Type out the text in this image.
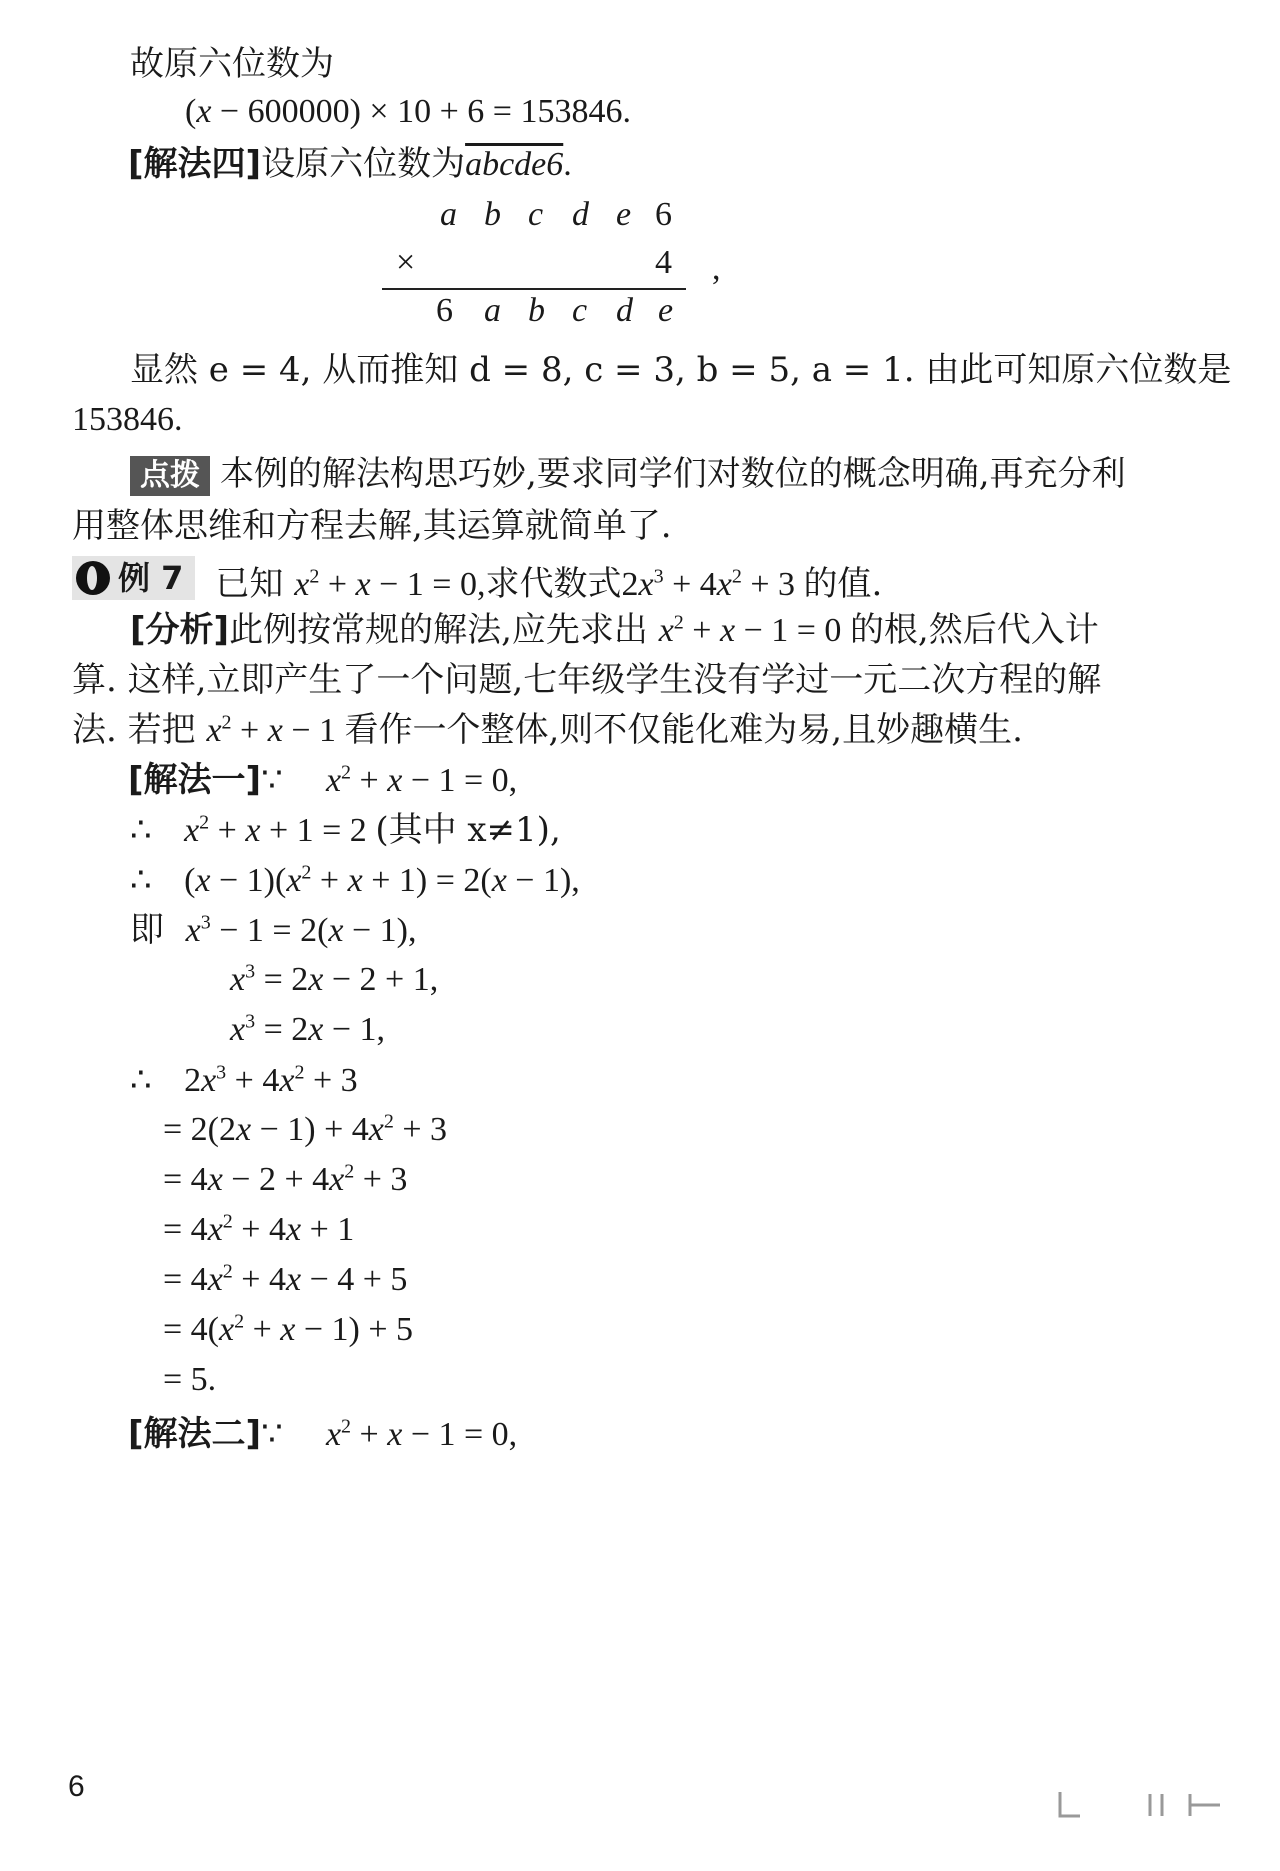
故原六位数为
(x − 600000) × 10 + 6 = 153846.
[解法四]设原六位数为abcde6.
a b c d e 6
×	4 ,
6 a b c d e
显然 e = 4, 从而推知 d = 8, c = 3, b = 5, a = 1. 由此可知原六位数是
153846.
点拨 本例的解法构思巧妙,要求同学们对数位的概念明确,再充分利
用整体思维和方程去解,其运算就简单了.
例 7 已知 $x^2 + x - 1 = 0$,求代数式$2x^3 + 4x^2 + 3$ 的值.
[分析]此例按常规的解法,应先求出 $x^2 + x - 1 = 0$ 的根,然后代入计
算. 这样,立即产生了一个问题,七年级学生没有学过一元二次方程的解
法. 若把 $x^2 + x - 1$ 看作一个整体,则不仅能化难为易,且妙趣横生.
[解法一]∵ $x^2 + x - 1 = 0$,
∴ $x^2 + x + 1 = 2$ (其中 x≠1),
∴ $(x - 1)(x^2 + x + 1) = 2(x - 1)$,
即 $x^3 - 1 = 2(x - 1)$,
$x^3 = 2x - 2 + 1$,
$x^3 = 2x - 1$,
∴ $2x^3 + 4x^2 + 3$
= $2(2x - 1) + 4x^2 + 3$
= $4x - 2 + 4x^2 + 3$
= $4x^2 + 4x + 1$
= $4x^2 + 4x - 4 + 5$
= $4(x^2 + x - 1) + 5$
= 5.
[解法二]∵ $x^2 + x - 1 = 0$,
6
